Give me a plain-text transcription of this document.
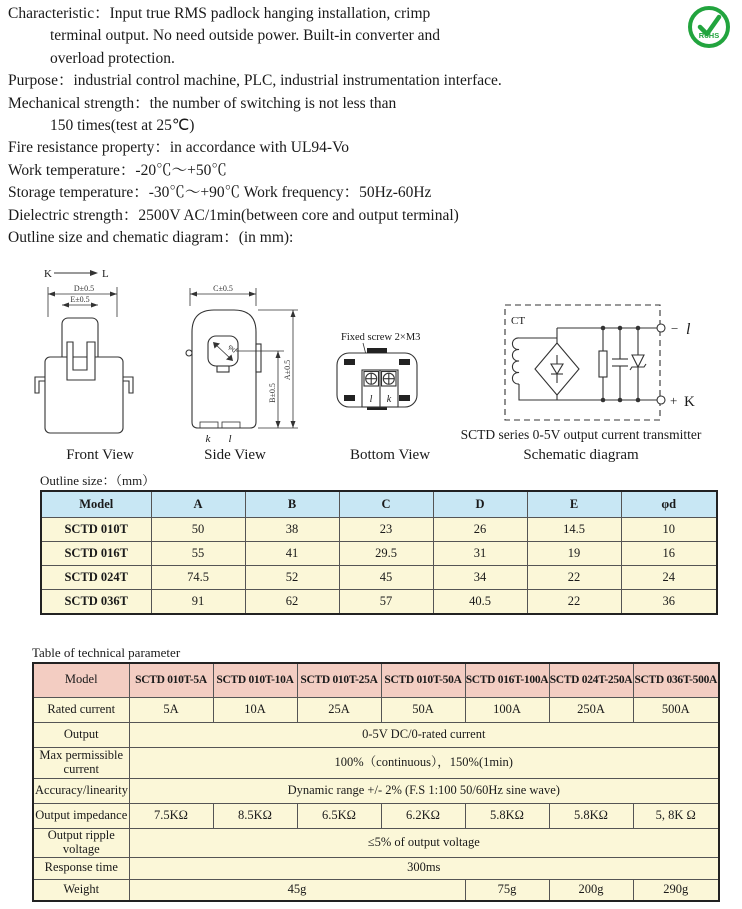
Characteristic：Input true RMS padlock hanging installation, crimp
terminal output. No need outside power. Built-in converter and
overload protection.
Purpose：industrial control machine, PLC, industrial instrumentation interface.
Mechanical strength：the number of switching is not less than
150 times(test at 25℃)
Fire resistance property：in accordance with UL94-Vo
Work temperature：-20℃～+50℃
Storage temperature：-30℃～+90℃ Work frequency：50Hz-60Hz
Dielectric strength：2500V AC/1min(between core and output terminal)
Outline size and chematic diagram：(in mm):
RoHS
K	L
D±0.5
E±0.5
Front View
C±0.5
φd
k l
B±0.5
A±0.5
Side View
Fixed screw 2×M3
l k
Bottom View
CT	− l
+ K
SCTD series 0-5V output current transmitter
Schematic diagram
Outline size：（mm）
Model	A	B	C	D	E	φd
SCTD 010T	50	38	23	26	14.5	10
SCTD 016T	55	41	29.5	31	19	16
SCTD 024T	74.5	52	45	34	22	24
SCTD 036T	91	62	57	40.5	22	36
Table of technical parameter
Model	SCTD 010T-5A	SCTD 010T-10A	SCTD 010T-25A	SCTD 010T-50A	SCTD 016T-100A	SCTD 024T-250A	SCTD 036T-500A
Rated current	5A	10A	25A	50A	100A	250A	500A
Output	0-5V DC/0-rated current						
Max permissible current	100%（continuous），150%(1min)						
Accuracy/linearity	Dynamic range +/- 2% (F.S 1:100 50/60Hz sine wave)						
Output impedance	7.5KΩ	8.5KΩ	6.5KΩ	6.2KΩ	5.8KΩ	5.8KΩ	5, 8K Ω
Output ripple voltage	≤5% of output voltage						
Response time	300ms						
Weight	45g				75g	200g	290g
